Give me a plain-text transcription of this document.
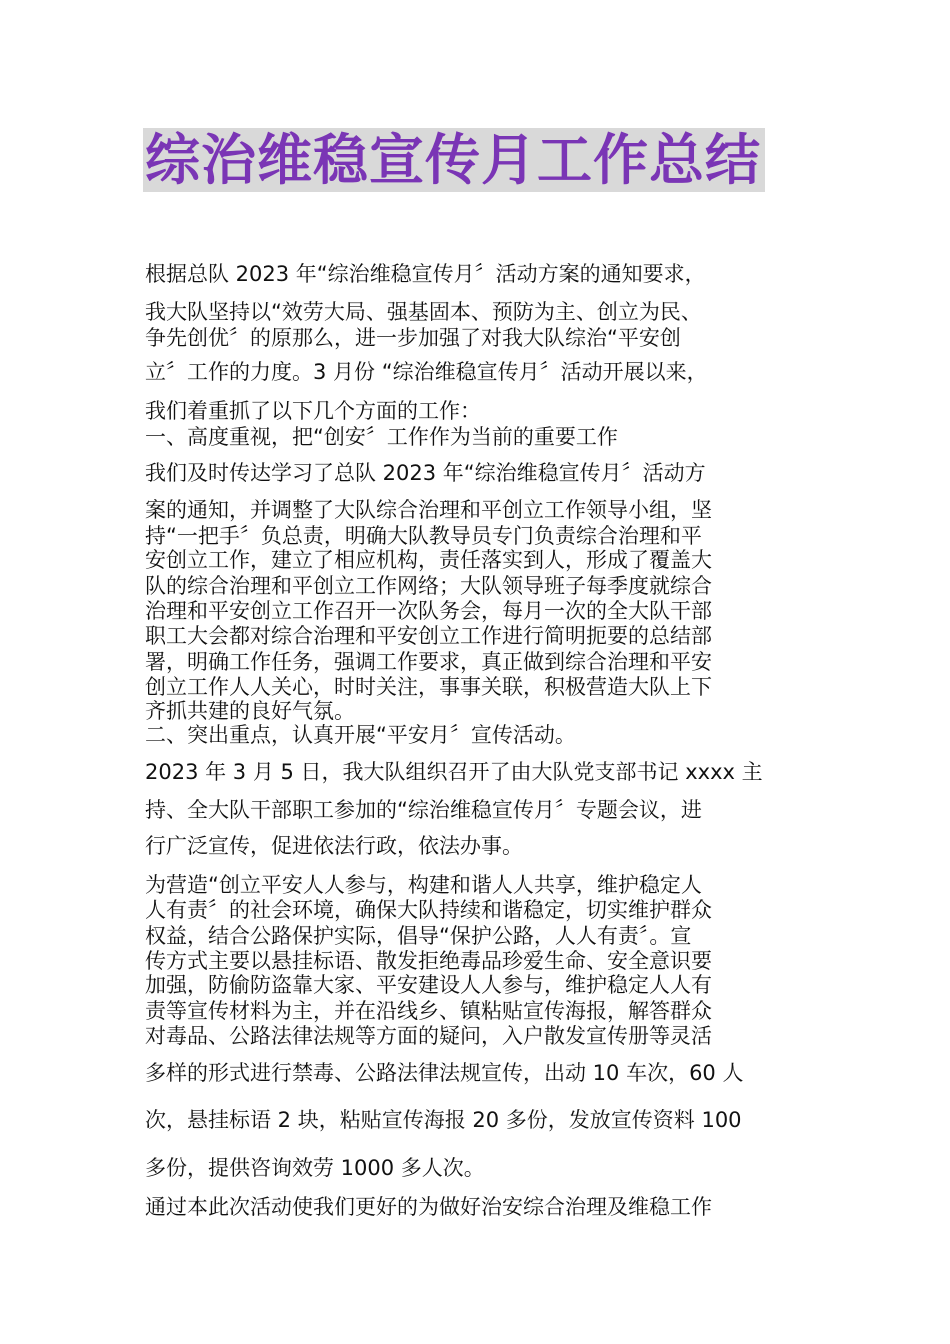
综治维稳宣传月工作总结
根据总队 2023 年“综治维稳宣传月〞活动方案的通知要求，
我大队坚持以“效劳大局、强基固本、预防为主、创立为民、
争先创优〞的原那么，进一步加强了对我大队综治“平安创
立〞工作的力度。3 月份 “综治维稳宣传月〞活动开展以来，
我们着重抓了以下几个方面的工作：
一、高度重视，把“创安〞工作作为当前的重要工作
我们及时传达学习了总队 2023 年“综治维稳宣传月〞活动方
案的通知，并调整了大队综合治理和平创立工作领导小组，坚
持“一把手〞负总责，明确大队教导员专门负责综合治理和平
安创立工作，建立了相应机构，责任落实到人，形成了覆盖大
队的综合治理和平创立工作网络；大队领导班子每季度就综合
治理和平安创立工作召开一次队务会，每月一次的全大队干部
职工大会都对综合治理和平安创立工作进行简明扼要的总结部
署，明确工作任务，强调工作要求，真正做到综合治理和平安
创立工作人人关心，时时关注，事事关联，积极营造大队上下
齐抓共建的良好气氛。
二、突出重点，认真开展“平安月〞宣传活动。
2023 年 3 月 5 日，我大队组织召开了由大队党支部书记 xxxx 主
持、全大队干部职工参加的“综治维稳宣传月〞专题会议，进
行广泛宣传，促进依法行政，依法办事。
为营造“创立平安人人参与，构建和谐人人共享，维护稳定人
人有责〞的社会环境，确保大队持续和谐稳定，切实维护群众
权益，结合公路保护实际，倡导“保护公路，人人有责〞。宣
传方式主要以悬挂标语、散发拒绝毒品珍爱生命、安全意识要
加强，防偷防盗靠大家、平安建设人人参与，维护稳定人人有
责等宣传材料为主，并在沿线乡、镇粘贴宣传海报，解答群众
对毒品、公路法律法规等方面的疑问，入户散发宣传册等灵活
多样的形式进行禁毒、公路法律法规宣传，出动 10 车次，60 人
次，悬挂标语 2 块，粘贴宣传海报 20 多份，发放宣传资料 100
多份，提供咨询效劳 1000 多人次。
通过本此次活动使我们更好的为做好治安综合治理及维稳工作
